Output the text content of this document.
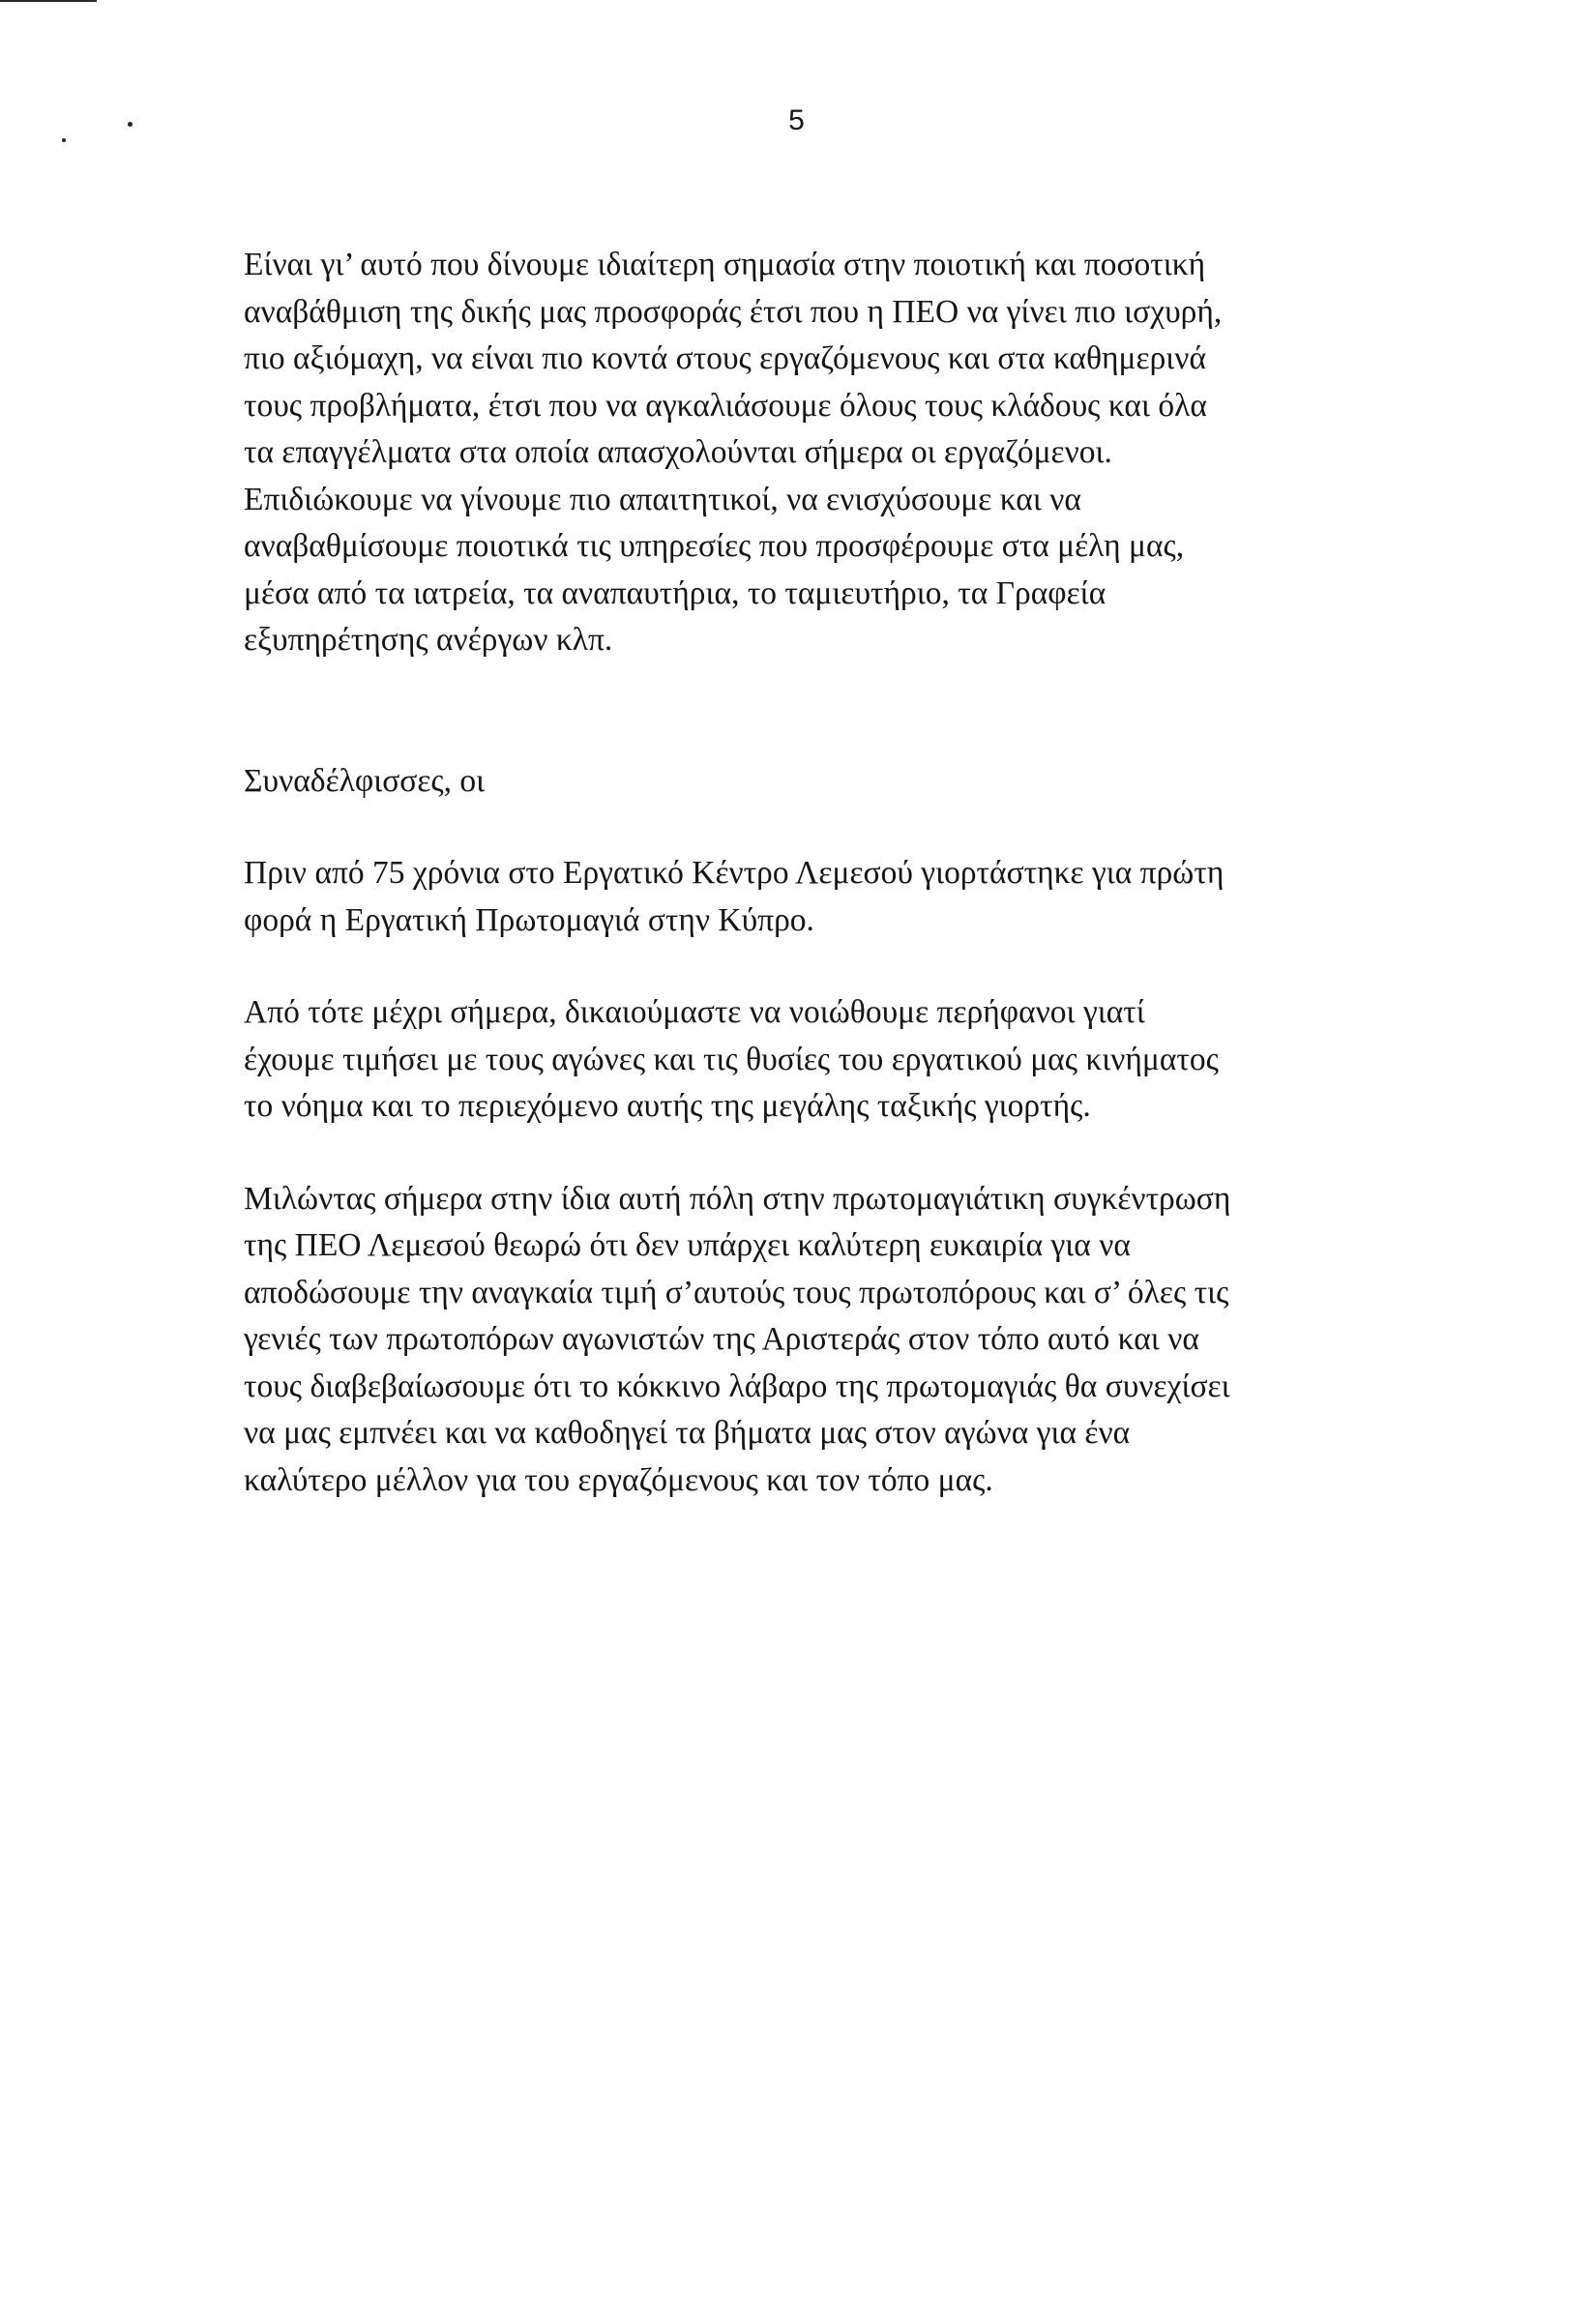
5

Είναι γι’ αυτό που δίνουμε ιδιαίτερη σημασία στην ποιοτική και ποσοτική
αναβάθμιση της δικής μας προσφοράς έτσι που η ΠΕΟ να γίνει πιο ισχυρή,
πιο αξιόμαχη, να είναι πιο κοντά στους εργαζόμενους και στα καθημερινά
τους προβλήματα, έτσι που να αγκαλιάσουμε όλους τους κλάδους και όλα
τα επαγγέλματα στα οποία απασχολούνται σήμερα οι εργαζόμενοι.
Επιδιώκουμε να γίνουμε πιο απαιτητικοί, να ενισχύσουμε και να
αναβαθμίσουμε ποιοτικά τις υπηρεσίες που προσφέρουμε στα μέλη μας,
μέσα από τα ιατρεία, τα αναπαυτήρια, το ταμιευτήριο, τα Γραφεία
εξυπηρέτησης ανέργων κλπ.

Συναδέλφισσες, οι

Πριν από 75 χρόνια στο Εργατικό Κέντρο Λεμεσού γιορτάστηκε για πρώτη
φορά η Εργατική Πρωτομαγιά στην Κύπρο.

Από τότε μέχρι σήμερα, δικαιούμαστε να νοιώθουμε περήφανοι γιατί
έχουμε τιμήσει με τους αγώνες και τις θυσίες του εργατικού μας κινήματος
το νόημα και το περιεχόμενο αυτής της μεγάλης ταξικής γιορτής.

Μιλώντας σήμερα στην ίδια αυτή πόλη στην πρωτομαγιάτικη συγκέντρωση
της ΠΕΟ Λεμεσού θεωρώ ότι δεν υπάρχει καλύτερη ευκαιρία για να
αποδώσουμε την αναγκαία τιμή σ’αυτούς τους πρωτοπόρους και σ’ όλες τις
γενιές των πρωτοπόρων αγωνιστών της Αριστεράς στον τόπο αυτό και να
τους διαβεβαίωσουμε ότι το κόκκινο λάβαρο της πρωτομαγιάς θα συνεχίσει
να μας εμπνέει και να καθοδηγεί τα βήματα μας στον αγώνα για ένα
καλύτερο μέλλον για του εργαζόμενους και τον τόπο μας.
